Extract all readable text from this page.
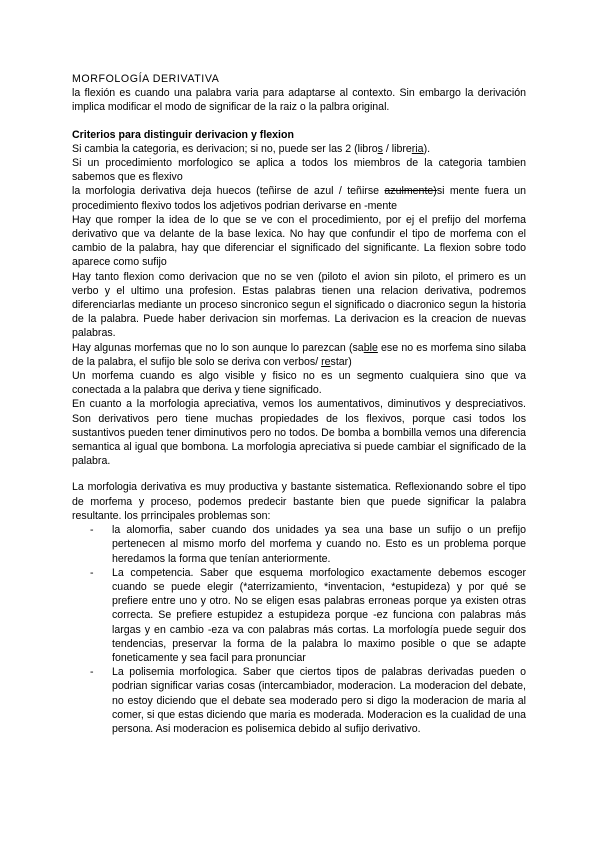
MORFOLOGÍA DERIVATIVA

la flexión es cuando una palabra varia para adaptarse al contexto. Sin embargo la derivación implica modificar el modo de significar de la raiz o la palbra original.

Criterios para distinguir derivacion y flexion

Si cambia la categoria, es derivacion; si no, puede ser las 2 (libros / libreria).

Si un procedimiento morfologico se aplica a todos los miembros de la categoria tambien sabemos que es flexivo

la morfologia derivativa deja huecos (teñirse de azul / teñirse azulmente)si mente fuera un procedimiento flexivo todos los adjetivos podrian derivarse en -mente

Hay que romper la idea de lo que se ve con el procedimiento, por ej el prefijo del morfema derivativo que va delante de la base lexica. No hay que confundir el tipo de morfema con el cambio de la palabra, hay que diferenciar el significado del significante. La flexion sobre todo aparece como sufijo

Hay tanto flexion como derivacion que no se ven (piloto el avion sin piloto, el primero es un verbo y el ultimo una profesion. Estas palabras tienen una relacion derivativa, podremos diferenciarlas mediante un proceso sincronico segun el significado o diacronico segun la historia de la palabra. Puede haber derivacion sin morfemas. La derivacion es la creacion de nuevas palabras.

Hay algunas morfemas que no lo son aunque lo parezcan (sable ese no es morfema sino silaba de la palabra, el sufijo ble solo se deriva con verbos/ restar)

Un morfema cuando es algo visible y fisico no es un segmento cualquiera sino que va conectada a la palabra que deriva y tiene significado.

En cuanto a la morfologia apreciativa, vemos los aumentativos, diminutivos y despreciativos. Son derivativos pero tiene muchas propiedades de los flexivos, porque casi todos los sustantivos pueden tener diminutivos pero no todos. De bomba a bombilla vemos una diferencia semantica al igual que bombona. La morfologia apreciativa si puede cambiar el significado de la palabra.

La morfologia derivativa es muy productiva y bastante sistematica. Reflexionando sobre el tipo de morfema y proceso, podemos predecir bastante bien que puede significar la palabra resultante. los prrincipales problemas son:

- la alomorfia, saber cuando dos unidades ya sea una base un sufijo o un prefijo pertenecen al mismo morfo del morfema y cuando no. Esto es un problema porque heredamos la forma que tenían anteriormente.
- La competencia. Saber que esquema morfologico exactamente debemos escoger cuando se puede elegir (*aterrizamiento, *inventacion, *estupideza) y por qué se prefiere entre uno y otro. No se eligen esas palabras erroneas porque ya existen otras correcta. Se prefiere estupidez a estupideza porque -ez funciona con palabras más largas y en cambio -eza va con palabras más cortas. La morfología puede seguir dos tendencias, preservar la forma de la palabra lo maximo posible o que se adapte foneticamente y sea facil para pronunciar
- La polisemia morfologica. Saber que ciertos tipos de palabras derivadas pueden o podrian significar varias cosas (intercambiador, moderacion. La moderacion del debate, no estoy diciendo que el debate sea moderado pero si digo la moderacion de maria al comer, si que estas diciendo que maria es moderada. Moderacion es la cualidad de una persona. Asi moderacion es polisemica debido al sufijo derivativo.
